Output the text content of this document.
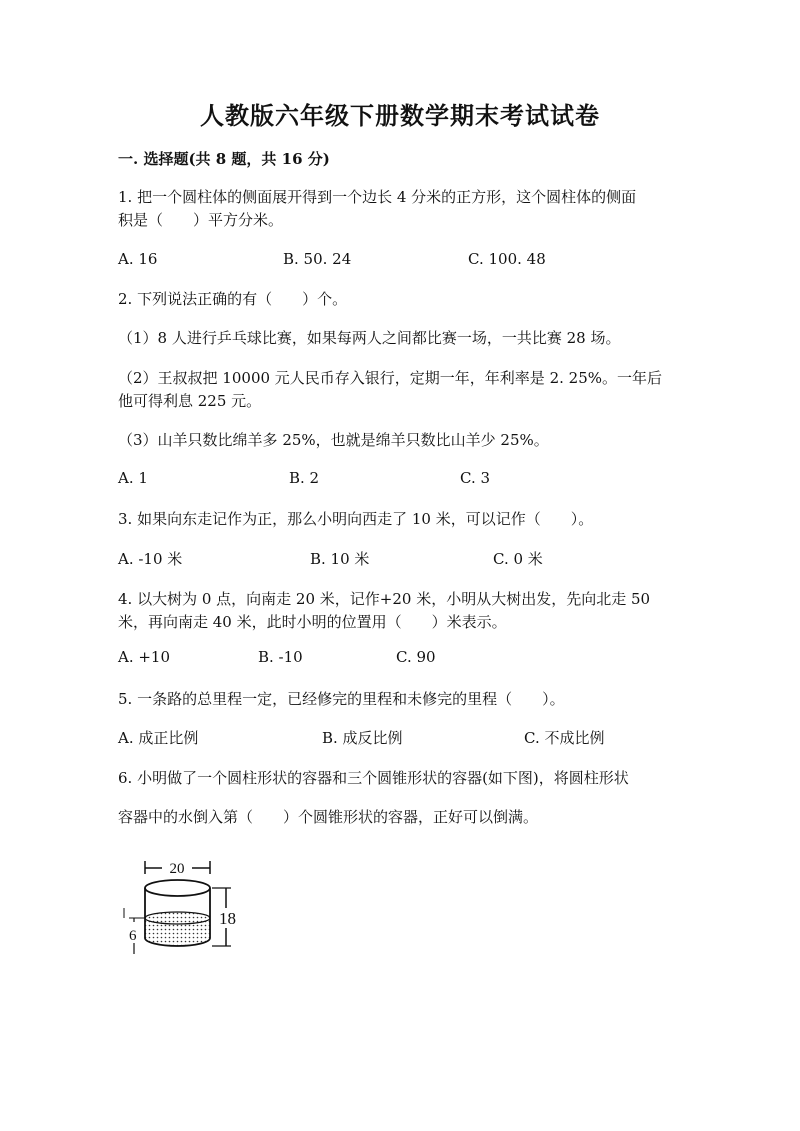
人教版六年级下册数学期末考试试卷
一. 选择题(共 8 题，共 16 分)
1. 把一个圆柱体的侧面展开得到一个边长 4 分米的正方形，这个圆柱体的侧面
积是（　　）平方分米。
A. 16	B. 50. 24	C. 100. 48
2. 下列说法正确的有（　　）个。
（1）8 人进行乒乓球比赛，如果每两人之间都比赛一场，一共比赛 28 场。
（2）王叔叔把 10000 元人民币存入银行，定期一年，年利率是 2. 25%。一年后
他可得利息 225 元。
（3）山羊只数比绵羊多 25%，也就是绵羊只数比山羊少 25%。
A. 1	B. 2	C. 3
3. 如果向东走记作为正，那么小明向西走了 10 米，可以记作（　　）。
A. -10 米	B. 10 米	C. 0 米
4. 以大树为 0 点，向南走 20 米，记作+20 米，小明从大树出发，先向北走 50
米，再向南走 40 米，此时小明的位置用（　　）米表示。
A. +10	B. -10	C. 90
5. 一条路的总里程一定，已经修完的里程和未修完的里程（　　）。
A. 成正比例	B. 成反比例	C. 不成比例
6. 小明做了一个圆柱形状的容器和三个圆锥形状的容器(如下图)，将圆柱形状
容器中的水倒入第（　　）个圆锥形状的容器，正好可以倒满。
20
18
6
